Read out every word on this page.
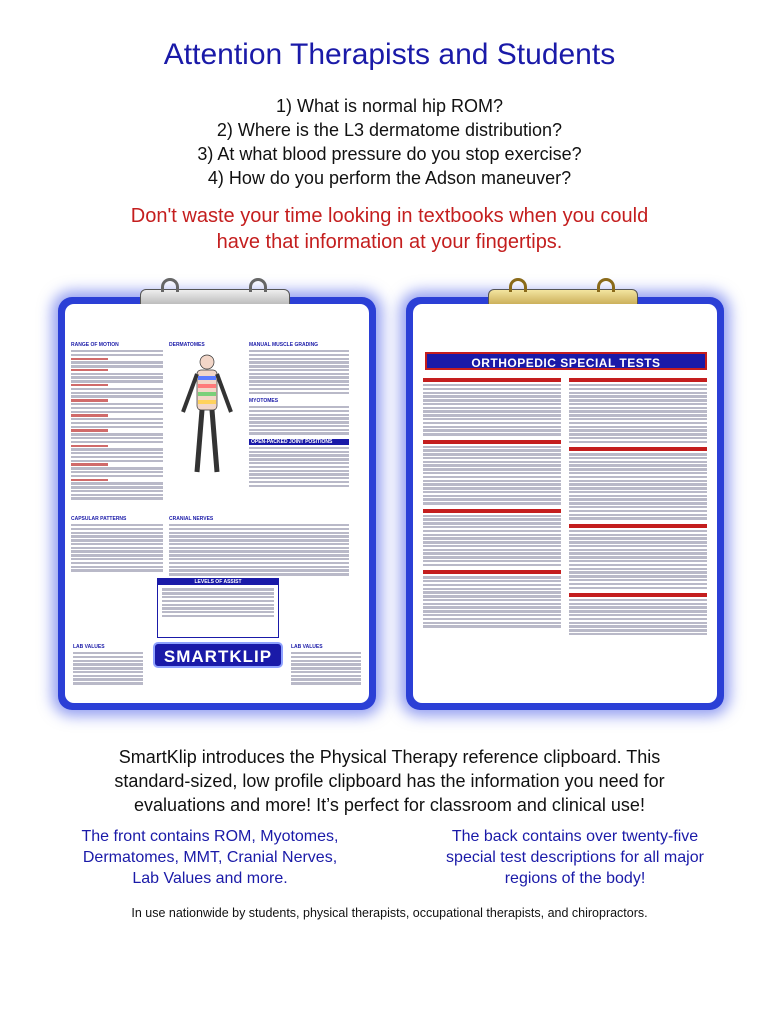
Attention Therapists and Students
1) What is normal hip ROM?
2) Where is the L3 dermatome distribution?
3) At what blood pressure do you stop exercise?
4) How do you perform the Adson maneuver?
Don't waste your time looking in textbooks when you could
have that information at your fingertips.
RANGE OF MOTION	DERMATOMES	MANUAL MUSCLE GRADING
MYOTOMES
OPEN-PACKED JOINT POSITIONS
CAPSULAR PATTERNS	CRANIAL NERVES
LEVELS OF ASSIST
LAB VALUES	LAB VALUES
SMARTKLIP
ORTHOPEDIC SPECIAL TESTS
SmartKlip introduces the Physical Therapy reference clipboard. This
standard-sized, low profile clipboard has the information you need for
evaluations and more! It’s perfect for classroom and clinical use!
The front contains ROM, Myotomes,
Dermatomes, MMT, Cranial Nerves,
Lab Values and more.
The back contains over twenty-five
special test descriptions for all major
regions of the body!
In use nationwide by students, physical therapists, occupational therapists, and chiropractors.
